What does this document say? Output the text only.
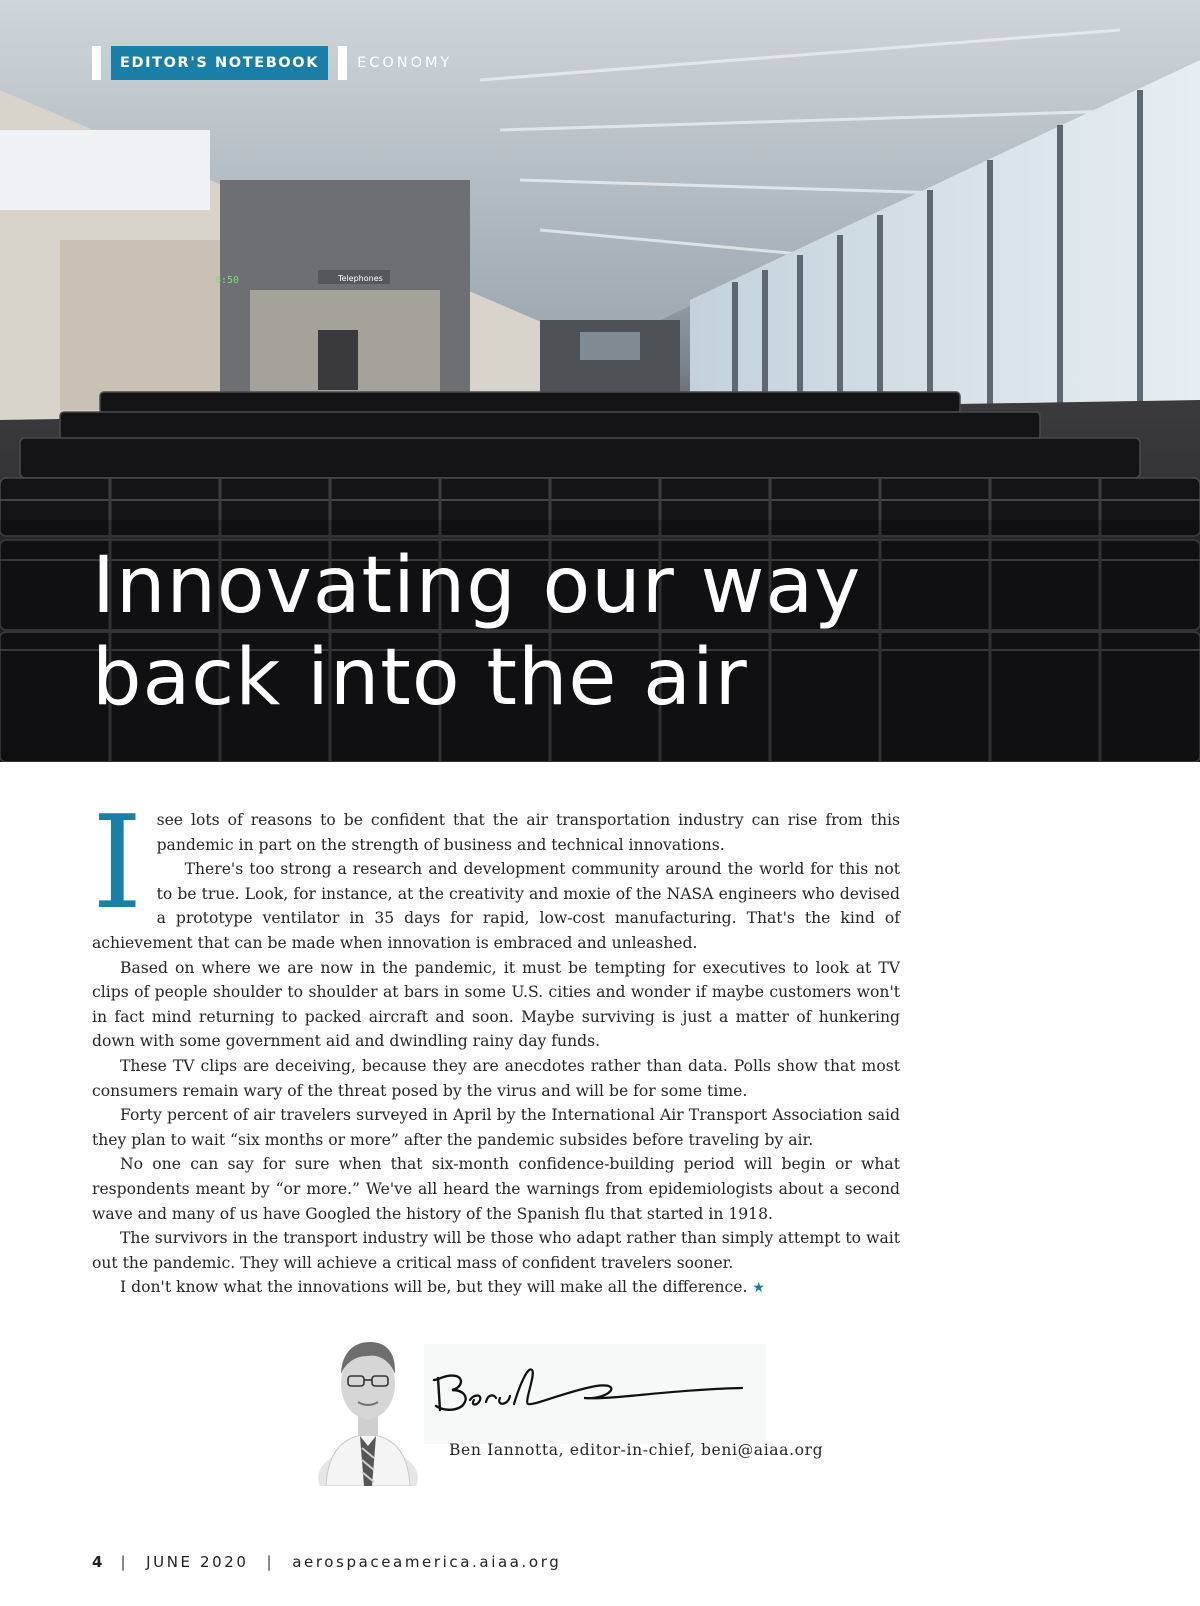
6:50	Telephones
EDITOR'S NOTEBOOK	ECONOMY
Innovating our way
back into the air

I see lots of reasons to be confident that the air transportation industry can rise from this pandemic in part on the strength of business and technical innovations.

There's too strong a research and development community around the world for this not to be true. Look, for instance, at the creativity and moxie of the NASA engineers who devised a prototype ventilator in 35 days for rapid, low-cost manufacturing. That's the kind of achievement that can be made when innovation is embraced and unleashed.

Based on where we are now in the pandemic, it must be tempting for executives to look at TV clips of people shoulder to shoulder at bars in some U.S. cities and wonder if maybe customers won't in fact mind returning to packed aircraft and soon. Maybe surviving is just a matter of hunkering down with some government aid and dwindling rainy day funds.

These TV clips are deceiving, because they are anecdotes rather than data. Polls show that most consumers remain wary of the threat posed by the virus and will be for some time.

Forty percent of air travelers surveyed in April by the International Air Transport Association said they plan to wait “six months or more” after the pandemic subsides before traveling by air.

No one can say for sure when that six-month confidence-building period will begin or what respondents meant by “or more.” We've all heard the warnings from epidemiologists about a second wave and many of us have Googled the history of the Spanish flu that started in 1918.

The survivors in the transport industry will be those who adapt rather than simply attempt to wait out the pandemic. They will achieve a critical mass of confident travelers sooner.

I don't know what the innovations will be, but they will make all the difference. ★

Ben Iannotta, editor-in-chief, beni@aiaa.org
4 | JUNE 2020 | aerospaceamerica.aiaa.org
